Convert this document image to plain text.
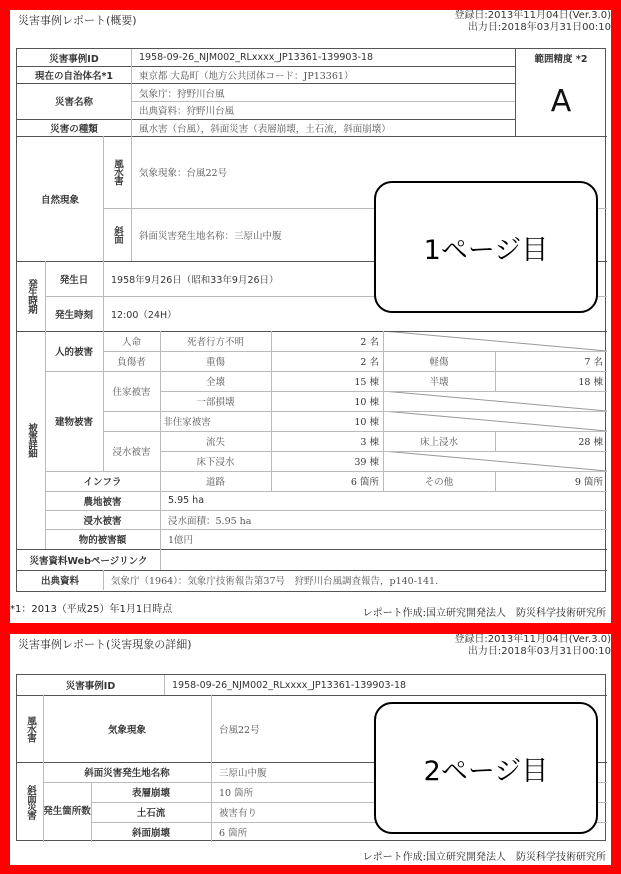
災害事例レポート(概要)	登録日:2013年11月04日(Ver.3.0)
出力日:2018年03月31日00:10
災害事例ID	1958-09-26_NJM002_RLxxxx_JP13361-139903-18	範囲精度 *2
A
現在の自治体名*1	東京都 大島町（地方公共団体コード：JP13361）
災害名称
気象庁：狩野川台風
出典資料：狩野川台風
災害の種類	風水害（台風），斜面災害（表層崩壊，土石流，斜面崩壊）
自然現象
風水害	気象現象：台風22号
斜面	斜面災害発生地名称：三原山中腹
発生時期	発生日	1958年9月26日（昭和33年9月26日）
発生時刻	12:00（24H）
被害詳細
人的被害
人命	死者行方不明	2 名
負傷者	重傷	2 名	軽傷	7 名
建物被害
住家被害
全壊	15 棟	半壊	18 棟
一部損壊	10 棟
非住家被害	10 棟
浸水被害
流失	3 棟	床上浸水	28 棟
床下浸水	39 棟
インフラ	道路	6 箇所	その他	9 箇所
農地被害	5.95 ha
浸水被害	浸水面積：5.95 ha
物的被害額	1億円
災害資料Webページリンク
出典資料	気象庁（1964）：気象庁技術報告第37号　狩野川台風調査報告，p140-141.
*1：2013（平成25）年1月1日時点	レポート作成:国立研究開発法人　防災科学技術研究所
1ページ目
災害事例レポート(災害現象の詳細)	登録日:2013年11月04日(Ver.3.0)
出力日:2018年03月31日00:10
災害事例ID	1958-09-26_NJM002_RLxxxx_JP13361-139903-18
風水害	気象現象	台風22号
斜面災害
斜面災害発生地名称	三原山中腹
発生箇所数
表層崩壊	10 箇所
土石流	被害有り
斜面崩壊	6 箇所
レポート作成:国立研究開発法人　防災科学技術研究所
2ページ目
